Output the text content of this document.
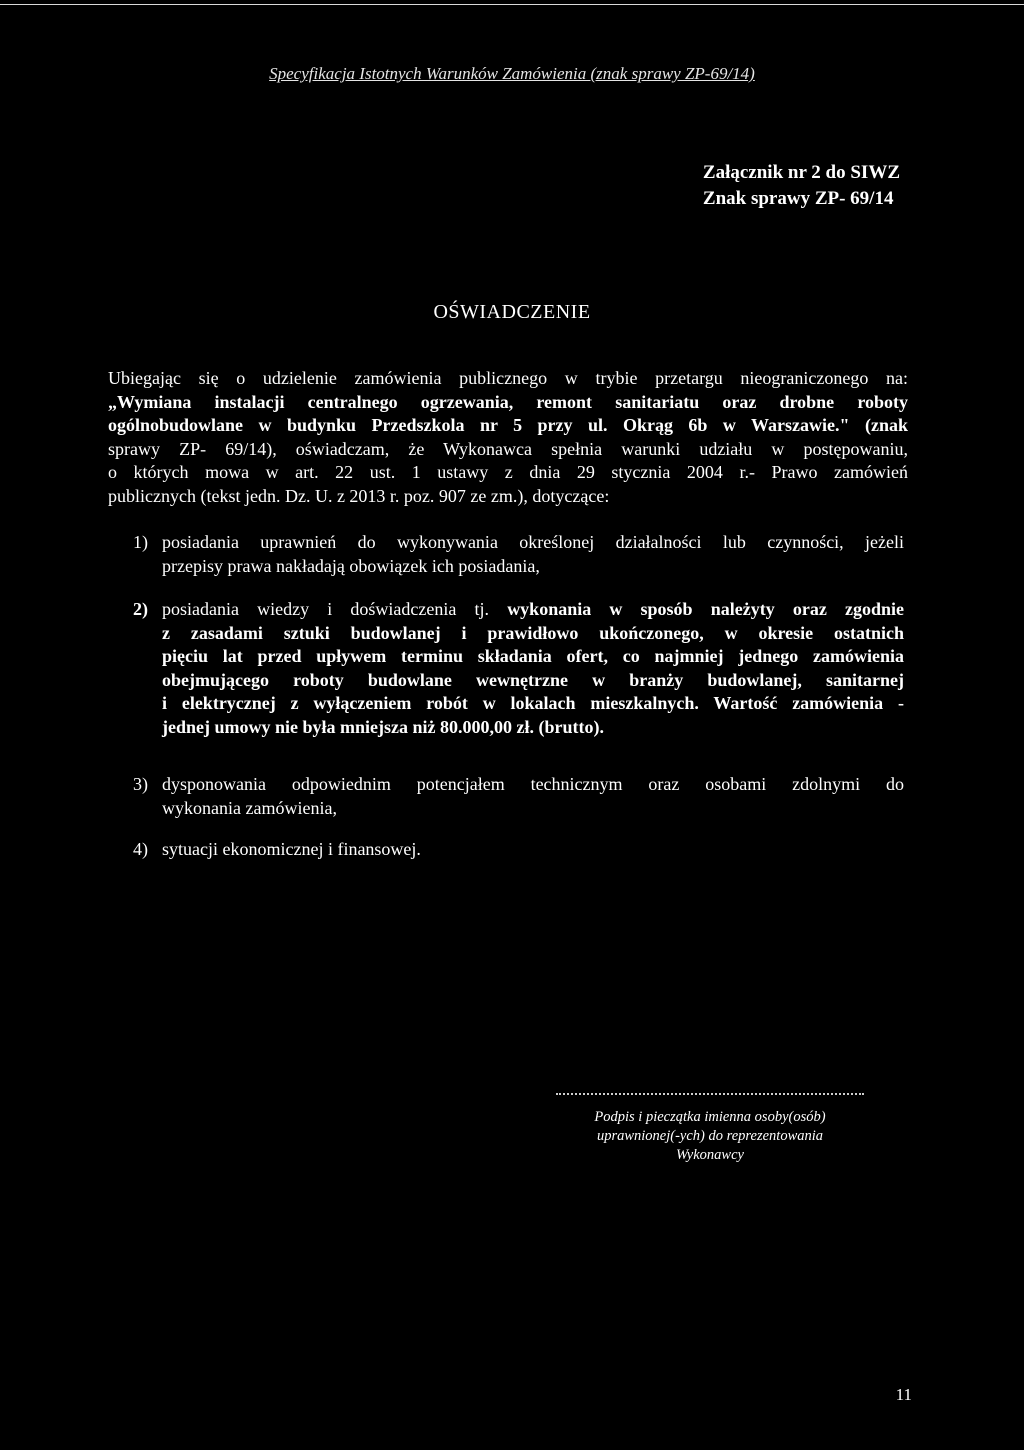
Specyfikacja Istotnych Warunków Zamówienia (znak sprawy ZP-69/14)
Załącznik nr 2 do SIWZ
Znak sprawy ZP- 69/14
OŚWIADCZENIE
Ubiegając się o udzielenie zamówienia publicznego w trybie przetargu nieograniczonego na:
„Wymiana instalacji centralnego ogrzewania, remont sanitariatu oraz drobne roboty
ogólnobudowlane w budynku Przedszkola nr 5 przy ul. Okrąg 6b w Warszawie." (znak
sprawy ZP- 69/14), oświadczam, że Wykonawca spełnia warunki udziału w postępowaniu,
o których mowa w art. 22 ust. 1 ustawy z dnia 29 stycznia 2004 r.- Prawo zamówień
publicznych (tekst jedn. Dz. U. z 2013 r. poz. 907 ze zm.), dotyczące:
1) posiadania uprawnień do wykonywania określonej działalności lub czynności, jeżeli
przepisy prawa nakładają obowiązek ich posiadania,
2) posiadania wiedzy i doświadczenia tj. wykonania w sposób należyty oraz zgodnie
z zasadami sztuki budowlanej i prawidłowo ukończonego, w okresie ostatnich
pięciu lat przed upływem terminu składania ofert, co najmniej jednego zamówienia
obejmującego roboty budowlane wewnętrzne w branży budowlanej, sanitarnej
i elektrycznej z wyłączeniem robót w lokalach mieszkalnych. Wartość zamówienia -
jednej umowy nie była mniejsza niż 80.000,00 zł. (brutto).
3) dysponowania odpowiednim potencjałem technicznym oraz osobami zdolnymi do
wykonania zamówienia,
4) sytuacji ekonomicznej i finansowej.
Podpis i pieczątka imienna osoby(osób)
uprawnionej(-ych) do reprezentowania
Wykonawcy
11
